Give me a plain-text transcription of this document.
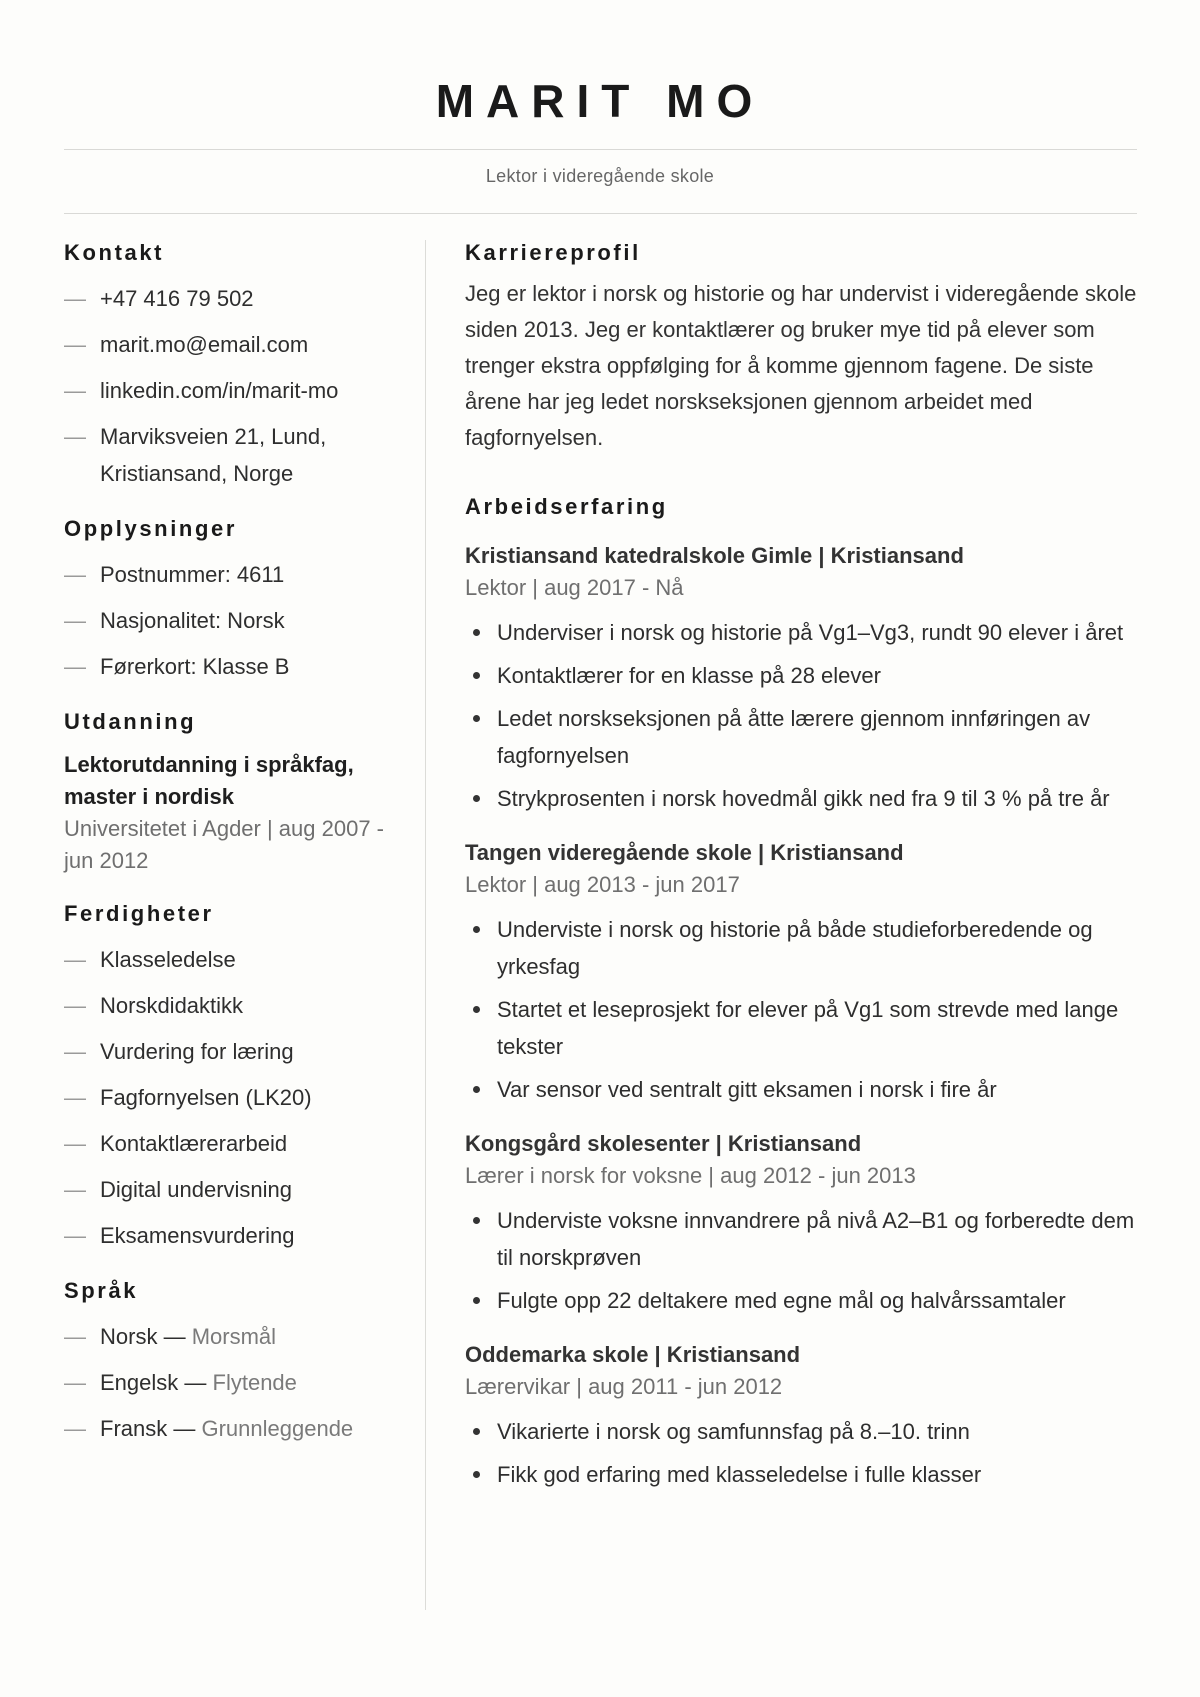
MARIT MO
Lektor i videregående skole
Kontakt
— +47 416 79 502
— marit.mo@email.com
— linkedin.com/in/marit-mo
— Marviksveien 21, Lund, Kristiansand, Norge
Opplysninger
— Postnummer: 4611
— Nasjonalitet: Norsk
— Førerkort: Klasse B
Utdanning
Lektorutdanning i språkfag, master i nordisk
Universitetet i Agder | aug 2007 - jun 2012
Ferdigheter
— Klasseledelse
— Norskdidaktikk
— Vurdering for læring
— Fagfornyelsen (LK20)
— Kontaktlærerarbeid
— Digital undervisning
— Eksamensvurdering
Språk
— Norsk — Morsmål
— Engelsk — Flytende
— Fransk — Grunnleggende
Karriereprofil

Jeg er lektor i norsk og historie og har undervist i videregående skole siden 2013. Jeg er kontaktlærer og bruker mye tid på elever som trenger ekstra oppfølging for å komme gjennom fagene. De siste årene har jeg ledet norskseksjonen gjennom arbeidet med fagfornyelsen.

Arbeidserfaring
Kristiansand katedralskole Gimle | Kristiansand
Lektor | aug 2017 - Nå
Underviser i norsk og historie på Vg1–Vg3, rundt 90 elever i året
Kontaktlærer for en klasse på 28 elever
Ledet norskseksjonen på åtte lærere gjennom innføringen av fagfornyelsen
Strykprosenten i norsk hovedmål gikk ned fra 9 til 3 % på tre år
Tangen videregående skole | Kristiansand
Lektor | aug 2013 - jun 2017
Underviste i norsk og historie på både studieforberedende og yrkesfag
Startet et leseprosjekt for elever på Vg1 som strevde med lange tekster
Var sensor ved sentralt gitt eksamen i norsk i fire år
Kongsgård skolesenter | Kristiansand
Lærer i norsk for voksne | aug 2012 - jun 2013
Underviste voksne innvandrere på nivå A2–B1 og forberedte dem til norskprøven
Fulgte opp 22 deltakere med egne mål og halvårssamtaler
Oddemarka skole | Kristiansand
Lærervikar | aug 2011 - jun 2012
Vikarierte i norsk og samfunnsfag på 8.–10. trinn
Fikk god erfaring med klasseledelse i fulle klasser
